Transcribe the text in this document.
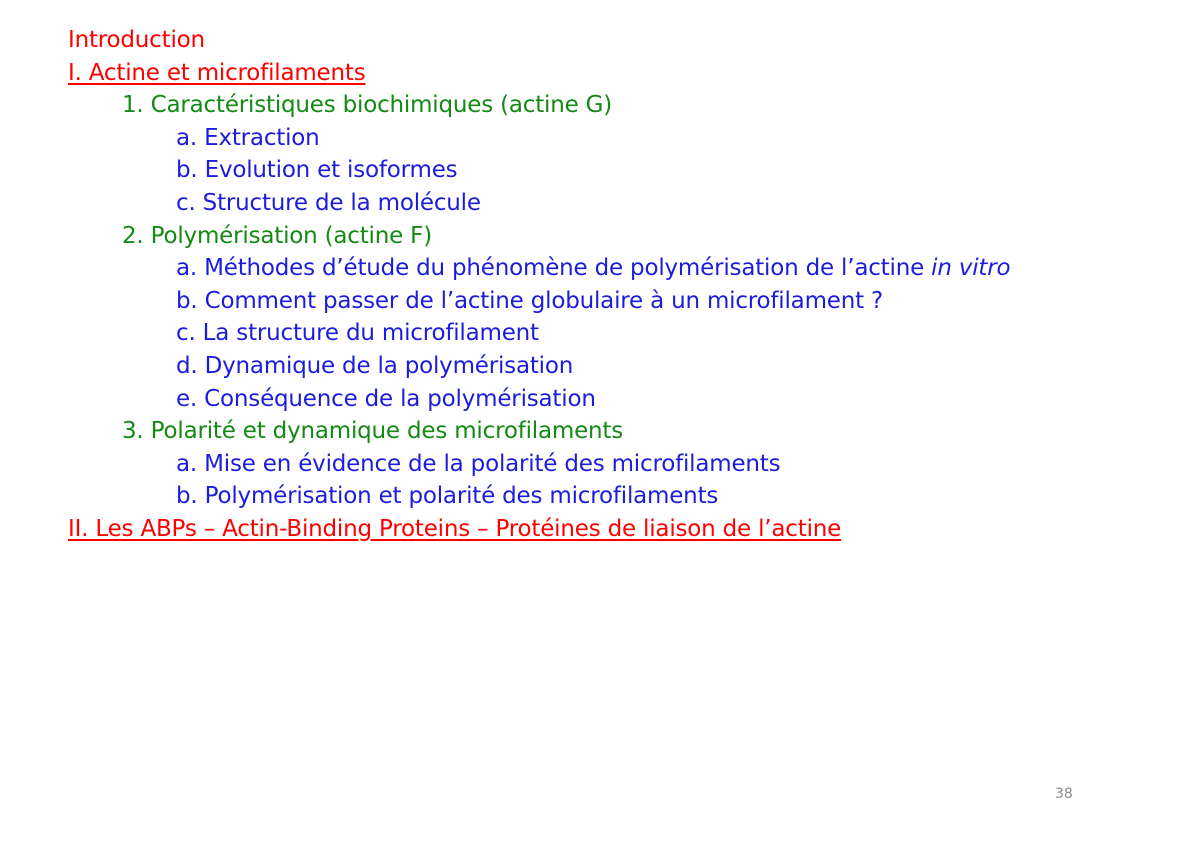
Introduction
I. Actine et microfilaments
1. Caractéristiques biochimiques (actine G)
a. Extraction
b. Evolution et isoformes
c. Structure de la molécule
2. Polymérisation (actine F)
a. Méthodes d’étude du phénomène de polymérisation de l’actine in vitro
b. Comment passer de l’actine globulaire à un microfilament ?
c. La structure du microfilament
d. Dynamique de la polymérisation
e. Conséquence de la polymérisation
3. Polarité et dynamique des microfilaments
a. Mise en évidence de la polarité des microfilaments
b. Polymérisation et polarité des microfilaments
II. Les ABPs – Actin-Binding Proteins – Protéines de liaison de l’actine
38
